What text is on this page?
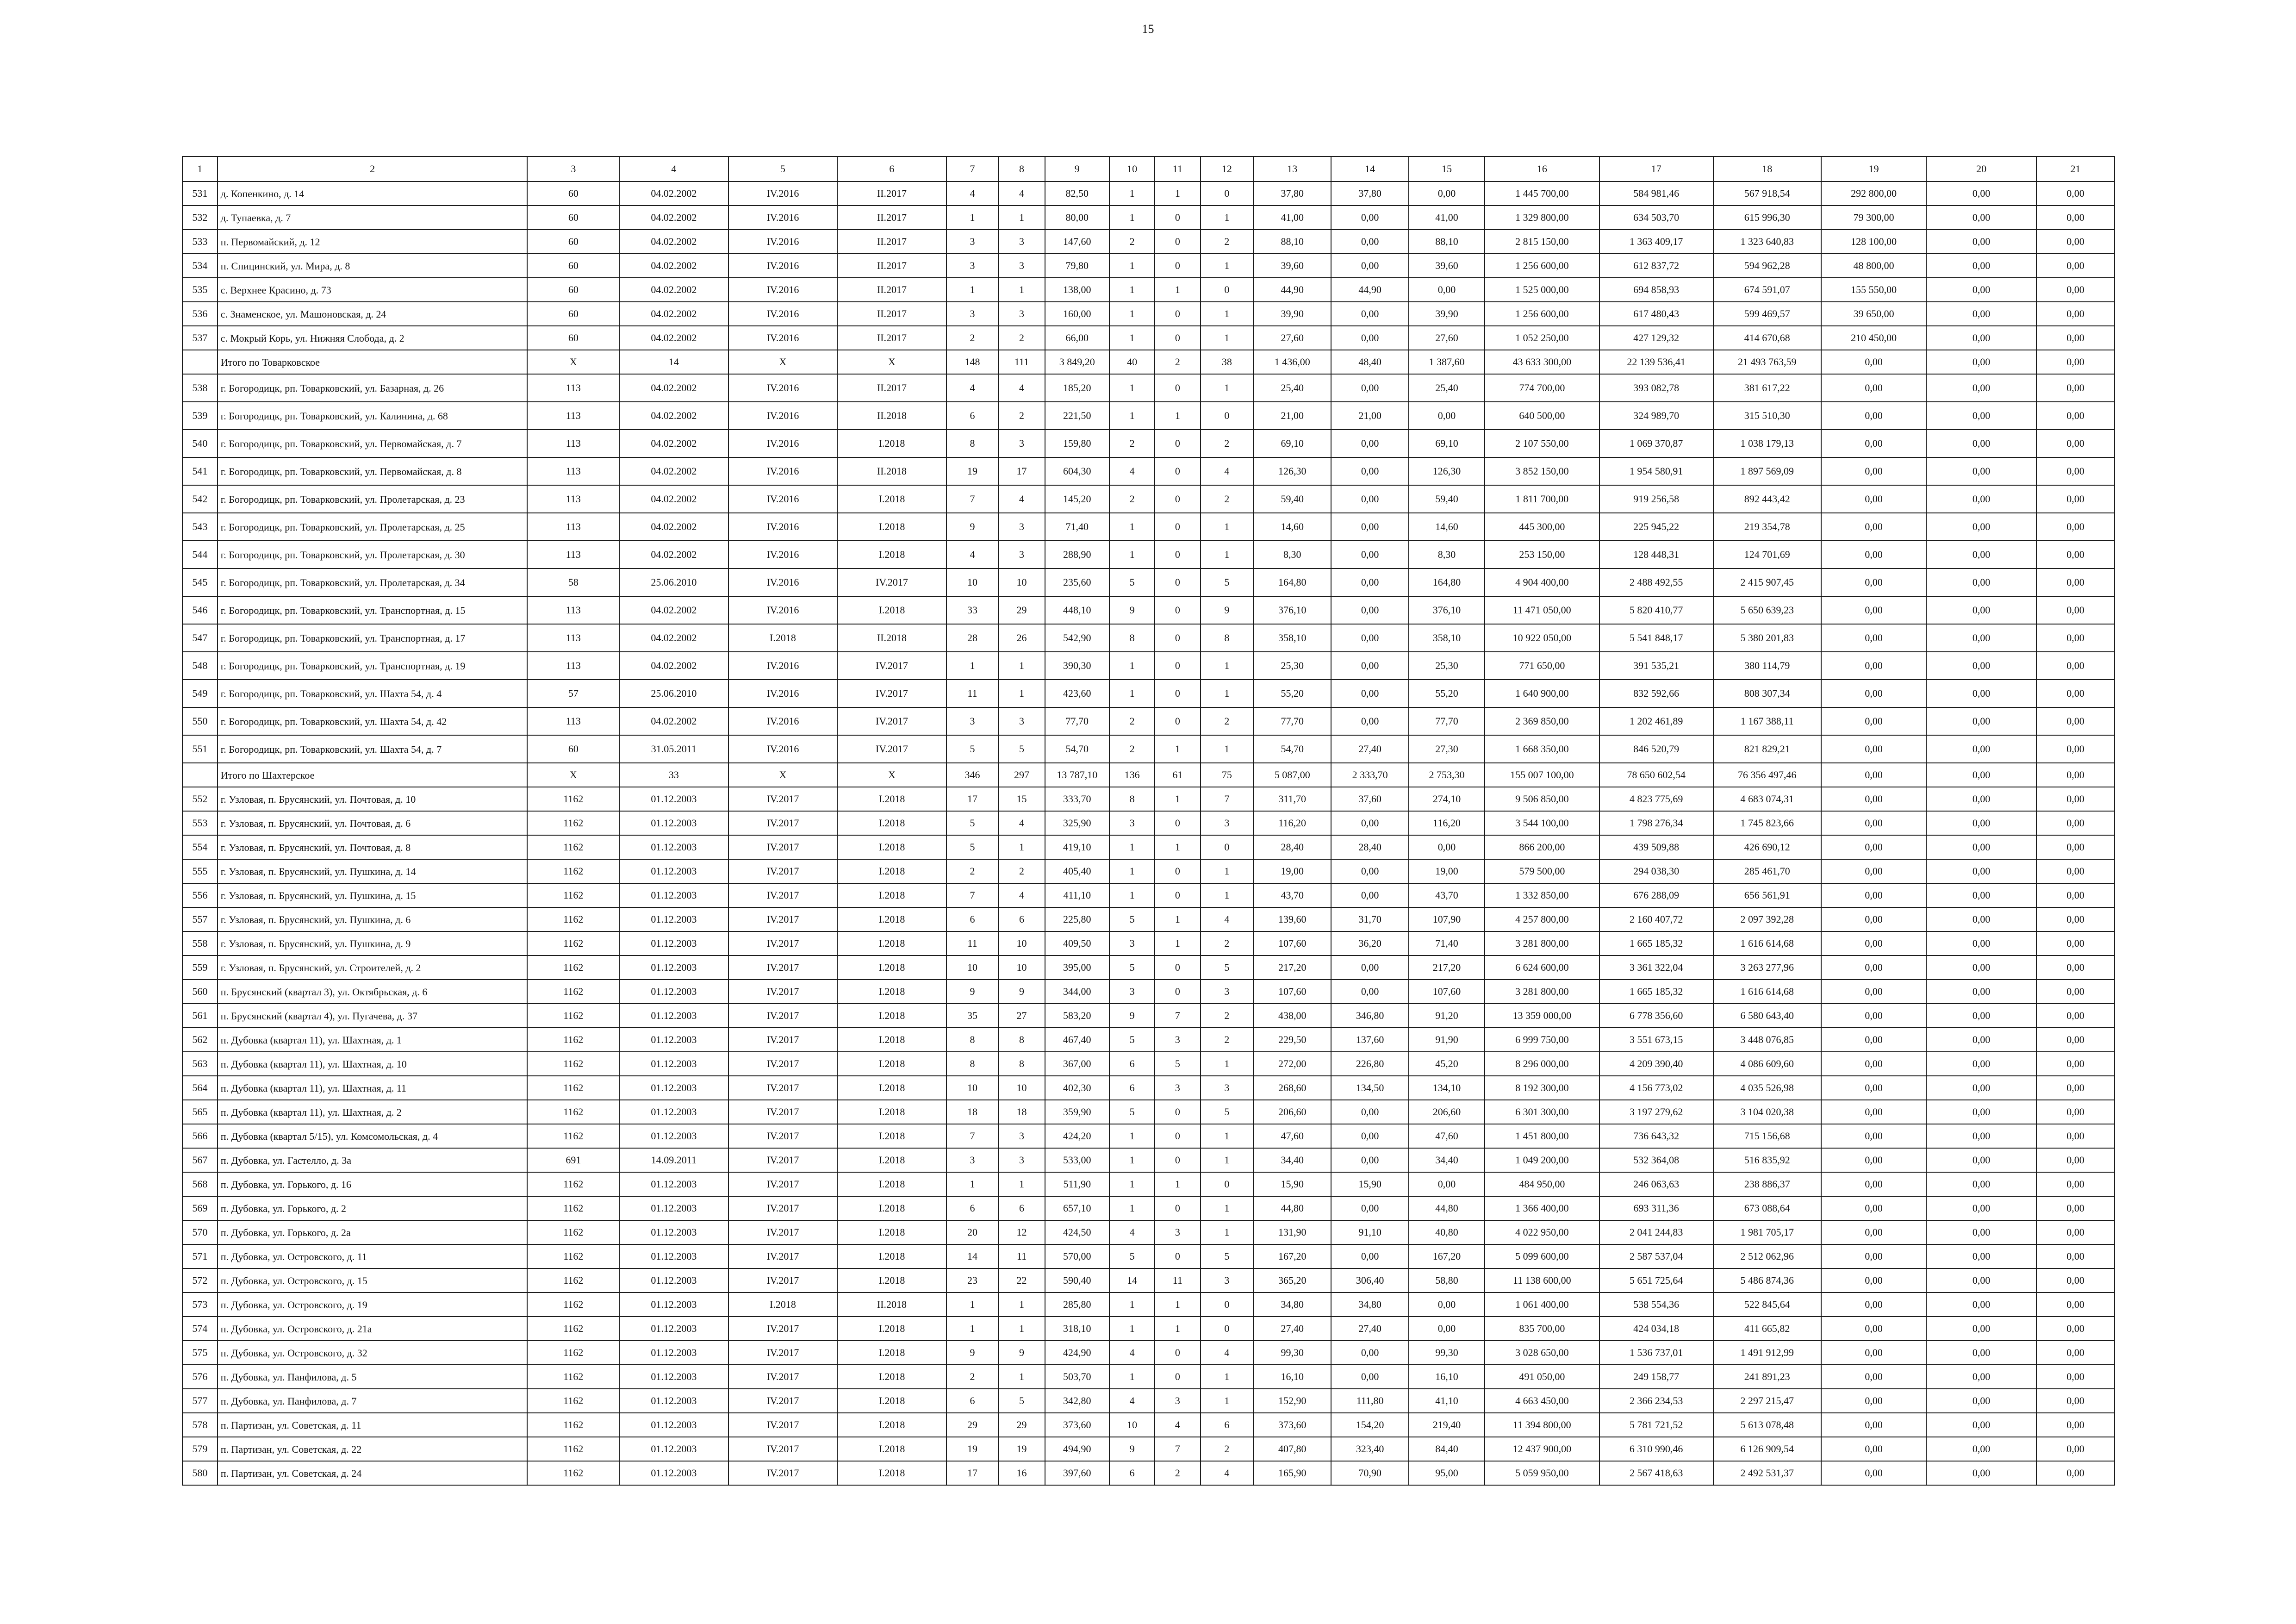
15
1	2	3	4	5	6	7	8	9	10	11	12	13	14	15	16	17	18	19	20	21
531	д. Копенкино, д. 14	60	04.02.2002	IV.2016	II.2017	4	4	82,50	1	1	0	37,80	37,80	0,00	1 445 700,00	584 981,46	567 918,54	292 800,00	0,00	0,00
532	д. Тупаевка, д. 7	60	04.02.2002	IV.2016	II.2017	1	1	80,00	1	0	1	41,00	0,00	41,00	1 329 800,00	634 503,70	615 996,30	79 300,00	0,00	0,00
533	п. Первомайский, д. 12	60	04.02.2002	IV.2016	II.2017	3	3	147,60	2	0	2	88,10	0,00	88,10	2 815 150,00	1 363 409,17	1 323 640,83	128 100,00	0,00	0,00
534	п. Спицинский, ул. Мира, д. 8	60	04.02.2002	IV.2016	II.2017	3	3	79,80	1	0	1	39,60	0,00	39,60	1 256 600,00	612 837,72	594 962,28	48 800,00	0,00	0,00
535	с. Верхнее Красино, д. 73	60	04.02.2002	IV.2016	II.2017	1	1	138,00	1	1	0	44,90	44,90	0,00	1 525 000,00	694 858,93	674 591,07	155 550,00	0,00	0,00
536	с. Знаменское, ул. Машоновская, д. 24	60	04.02.2002	IV.2016	II.2017	3	3	160,00	1	0	1	39,90	0,00	39,90	1 256 600,00	617 480,43	599 469,57	39 650,00	0,00	0,00
537	с. Мокрый Корь, ул. Нижняя Слобода, д. 2	60	04.02.2002	IV.2016	II.2017	2	2	66,00	1	0	1	27,60	0,00	27,60	1 052 250,00	427 129,32	414 670,68	210 450,00	0,00	0,00
	Итого по Товарковское	X	14	X	X	148	111	3 849,20	40	2	38	1 436,00	48,40	1 387,60	43 633 300,00	22 139 536,41	21 493 763,59	0,00	0,00	0,00
538	г. Богородицк, рп. Товарковский, ул. Базарная, д. 26	113	04.02.2002	IV.2016	II.2017	4	4	185,20	1	0	1	25,40	0,00	25,40	774 700,00	393 082,78	381 617,22	0,00	0,00	0,00
539	г. Богородицк, рп. Товарковский, ул. Калинина, д. 68	113	04.02.2002	IV.2016	II.2018	6	2	221,50	1	1	0	21,00	21,00	0,00	640 500,00	324 989,70	315 510,30	0,00	0,00	0,00
540	г. Богородицк, рп. Товарковский, ул. Первомайская, д. 7	113	04.02.2002	IV.2016	I.2018	8	3	159,80	2	0	2	69,10	0,00	69,10	2 107 550,00	1 069 370,87	1 038 179,13	0,00	0,00	0,00
541	г. Богородицк, рп. Товарковский, ул. Первомайская, д. 8	113	04.02.2002	IV.2016	II.2018	19	17	604,30	4	0	4	126,30	0,00	126,30	3 852 150,00	1 954 580,91	1 897 569,09	0,00	0,00	0,00
542	г. Богородицк, рп. Товарковский, ул. Пролетарская, д. 23	113	04.02.2002	IV.2016	I.2018	7	4	145,20	2	0	2	59,40	0,00	59,40	1 811 700,00	919 256,58	892 443,42	0,00	0,00	0,00
543	г. Богородицк, рп. Товарковский, ул. Пролетарская, д. 25	113	04.02.2002	IV.2016	I.2018	9	3	71,40	1	0	1	14,60	0,00	14,60	445 300,00	225 945,22	219 354,78	0,00	0,00	0,00
544	г. Богородицк, рп. Товарковский, ул. Пролетарская, д. 30	113	04.02.2002	IV.2016	I.2018	4	3	288,90	1	0	1	8,30	0,00	8,30	253 150,00	128 448,31	124 701,69	0,00	0,00	0,00
545	г. Богородицк, рп. Товарковский, ул. Пролетарская, д. 34	58	25.06.2010	IV.2016	IV.2017	10	10	235,60	5	0	5	164,80	0,00	164,80	4 904 400,00	2 488 492,55	2 415 907,45	0,00	0,00	0,00
546	г. Богородицк, рп. Товарковский, ул. Транспортная, д. 15	113	04.02.2002	IV.2016	I.2018	33	29	448,10	9	0	9	376,10	0,00	376,10	11 471 050,00	5 820 410,77	5 650 639,23	0,00	0,00	0,00
547	г. Богородицк, рп. Товарковский, ул. Транспортная, д. 17	113	04.02.2002	I.2018	II.2018	28	26	542,90	8	0	8	358,10	0,00	358,10	10 922 050,00	5 541 848,17	5 380 201,83	0,00	0,00	0,00
548	г. Богородицк, рп. Товарковский, ул. Транспортная, д. 19	113	04.02.2002	IV.2016	IV.2017	1	1	390,30	1	0	1	25,30	0,00	25,30	771 650,00	391 535,21	380 114,79	0,00	0,00	0,00
549	г. Богородицк, рп. Товарковский, ул. Шахта 54, д. 4	57	25.06.2010	IV.2016	IV.2017	11	1	423,60	1	0	1	55,20	0,00	55,20	1 640 900,00	832 592,66	808 307,34	0,00	0,00	0,00
550	г. Богородицк, рп. Товарковский, ул. Шахта 54, д. 42	113	04.02.2002	IV.2016	IV.2017	3	3	77,70	2	0	2	77,70	0,00	77,70	2 369 850,00	1 202 461,89	1 167 388,11	0,00	0,00	0,00
551	г. Богородицк, рп. Товарковский, ул. Шахта 54, д. 7	60	31.05.2011	IV.2016	IV.2017	5	5	54,70	2	1	1	54,70	27,40	27,30	1 668 350,00	846 520,79	821 829,21	0,00	0,00	0,00
	Итого по Шахтерское	X	33	X	X	346	297	13 787,10	136	61	75	5 087,00	2 333,70	2 753,30	155 007 100,00	78 650 602,54	76 356 497,46	0,00	0,00	0,00
552	г. Узловая, п. Брусянский, ул. Почтовая, д. 10	1162	01.12.2003	IV.2017	I.2018	17	15	333,70	8	1	7	311,70	37,60	274,10	9 506 850,00	4 823 775,69	4 683 074,31	0,00	0,00	0,00
553	г. Узловая, п. Брусянский, ул. Почтовая, д. 6	1162	01.12.2003	IV.2017	I.2018	5	4	325,90	3	0	3	116,20	0,00	116,20	3 544 100,00	1 798 276,34	1 745 823,66	0,00	0,00	0,00
554	г. Узловая, п. Брусянский, ул. Почтовая, д. 8	1162	01.12.2003	IV.2017	I.2018	5	1	419,10	1	1	0	28,40	28,40	0,00	866 200,00	439 509,88	426 690,12	0,00	0,00	0,00
555	г. Узловая, п. Брусянский, ул. Пушкина, д. 14	1162	01.12.2003	IV.2017	I.2018	2	2	405,40	1	0	1	19,00	0,00	19,00	579 500,00	294 038,30	285 461,70	0,00	0,00	0,00
556	г. Узловая, п. Брусянский, ул. Пушкина, д. 15	1162	01.12.2003	IV.2017	I.2018	7	4	411,10	1	0	1	43,70	0,00	43,70	1 332 850,00	676 288,09	656 561,91	0,00	0,00	0,00
557	г. Узловая, п. Брусянский, ул. Пушкина, д. 6	1162	01.12.2003	IV.2017	I.2018	6	6	225,80	5	1	4	139,60	31,70	107,90	4 257 800,00	2 160 407,72	2 097 392,28	0,00	0,00	0,00
558	г. Узловая, п. Брусянский, ул. Пушкина, д. 9	1162	01.12.2003	IV.2017	I.2018	11	10	409,50	3	1	2	107,60	36,20	71,40	3 281 800,00	1 665 185,32	1 616 614,68	0,00	0,00	0,00
559	г. Узловая, п. Брусянский, ул. Строителей, д. 2	1162	01.12.2003	IV.2017	I.2018	10	10	395,00	5	0	5	217,20	0,00	217,20	6 624 600,00	3 361 322,04	3 263 277,96	0,00	0,00	0,00
560	п. Брусянский (квартал 3), ул. Октябрьская, д. 6	1162	01.12.2003	IV.2017	I.2018	9	9	344,00	3	0	3	107,60	0,00	107,60	3 281 800,00	1 665 185,32	1 616 614,68	0,00	0,00	0,00
561	п. Брусянский (квартал 4), ул. Пугачева, д. 37	1162	01.12.2003	IV.2017	I.2018	35	27	583,20	9	7	2	438,00	346,80	91,20	13 359 000,00	6 778 356,60	6 580 643,40	0,00	0,00	0,00
562	п. Дубовка (квартал 11), ул. Шахтная, д. 1	1162	01.12.2003	IV.2017	I.2018	8	8	467,40	5	3	2	229,50	137,60	91,90	6 999 750,00	3 551 673,15	3 448 076,85	0,00	0,00	0,00
563	п. Дубовка (квартал 11), ул. Шахтная, д. 10	1162	01.12.2003	IV.2017	I.2018	8	8	367,00	6	5	1	272,00	226,80	45,20	8 296 000,00	4 209 390,40	4 086 609,60	0,00	0,00	0,00
564	п. Дубовка (квартал 11), ул. Шахтная, д. 11	1162	01.12.2003	IV.2017	I.2018	10	10	402,30	6	3	3	268,60	134,50	134,10	8 192 300,00	4 156 773,02	4 035 526,98	0,00	0,00	0,00
565	п. Дубовка (квартал 11), ул. Шахтная, д. 2	1162	01.12.2003	IV.2017	I.2018	18	18	359,90	5	0	5	206,60	0,00	206,60	6 301 300,00	3 197 279,62	3 104 020,38	0,00	0,00	0,00
566	п. Дубовка (квартал 5/15), ул. Комсомольская, д. 4	1162	01.12.2003	IV.2017	I.2018	7	3	424,20	1	0	1	47,60	0,00	47,60	1 451 800,00	736 643,32	715 156,68	0,00	0,00	0,00
567	п. Дубовка, ул. Гастелло, д. 3а	691	14.09.2011	IV.2017	I.2018	3	3	533,00	1	0	1	34,40	0,00	34,40	1 049 200,00	532 364,08	516 835,92	0,00	0,00	0,00
568	п. Дубовка, ул. Горького, д. 16	1162	01.12.2003	IV.2017	I.2018	1	1	511,90	1	1	0	15,90	15,90	0,00	484 950,00	246 063,63	238 886,37	0,00	0,00	0,00
569	п. Дубовка, ул. Горького, д. 2	1162	01.12.2003	IV.2017	I.2018	6	6	657,10	1	0	1	44,80	0,00	44,80	1 366 400,00	693 311,36	673 088,64	0,00	0,00	0,00
570	п. Дубовка, ул. Горького, д. 2а	1162	01.12.2003	IV.2017	I.2018	20	12	424,50	4	3	1	131,90	91,10	40,80	4 022 950,00	2 041 244,83	1 981 705,17	0,00	0,00	0,00
571	п. Дубовка, ул. Островского, д. 11	1162	01.12.2003	IV.2017	I.2018	14	11	570,00	5	0	5	167,20	0,00	167,20	5 099 600,00	2 587 537,04	2 512 062,96	0,00	0,00	0,00
572	п. Дубовка, ул. Островского, д. 15	1162	01.12.2003	IV.2017	I.2018	23	22	590,40	14	11	3	365,20	306,40	58,80	11 138 600,00	5 651 725,64	5 486 874,36	0,00	0,00	0,00
573	п. Дубовка, ул. Островского, д. 19	1162	01.12.2003	I.2018	II.2018	1	1	285,80	1	1	0	34,80	34,80	0,00	1 061 400,00	538 554,36	522 845,64	0,00	0,00	0,00
574	п. Дубовка, ул. Островского, д. 21а	1162	01.12.2003	IV.2017	I.2018	1	1	318,10	1	1	0	27,40	27,40	0,00	835 700,00	424 034,18	411 665,82	0,00	0,00	0,00
575	п. Дубовка, ул. Островского, д. 32	1162	01.12.2003	IV.2017	I.2018	9	9	424,90	4	0	4	99,30	0,00	99,30	3 028 650,00	1 536 737,01	1 491 912,99	0,00	0,00	0,00
576	п. Дубовка, ул. Панфилова, д. 5	1162	01.12.2003	IV.2017	I.2018	2	1	503,70	1	0	1	16,10	0,00	16,10	491 050,00	249 158,77	241 891,23	0,00	0,00	0,00
577	п. Дубовка, ул. Панфилова, д. 7	1162	01.12.2003	IV.2017	I.2018	6	5	342,80	4	3	1	152,90	111,80	41,10	4 663 450,00	2 366 234,53	2 297 215,47	0,00	0,00	0,00
578	п. Партизан, ул. Советская, д. 11	1162	01.12.2003	IV.2017	I.2018	29	29	373,60	10	4	6	373,60	154,20	219,40	11 394 800,00	5 781 721,52	5 613 078,48	0,00	0,00	0,00
579	п. Партизан, ул. Советская, д. 22	1162	01.12.2003	IV.2017	I.2018	19	19	494,90	9	7	2	407,80	323,40	84,40	12 437 900,00	6 310 990,46	6 126 909,54	0,00	0,00	0,00
580	п. Партизан, ул. Советская, д. 24	1162	01.12.2003	IV.2017	I.2018	17	16	397,60	6	2	4	165,90	70,90	95,00	5 059 950,00	2 567 418,63	2 492 531,37	0,00	0,00	0,00
